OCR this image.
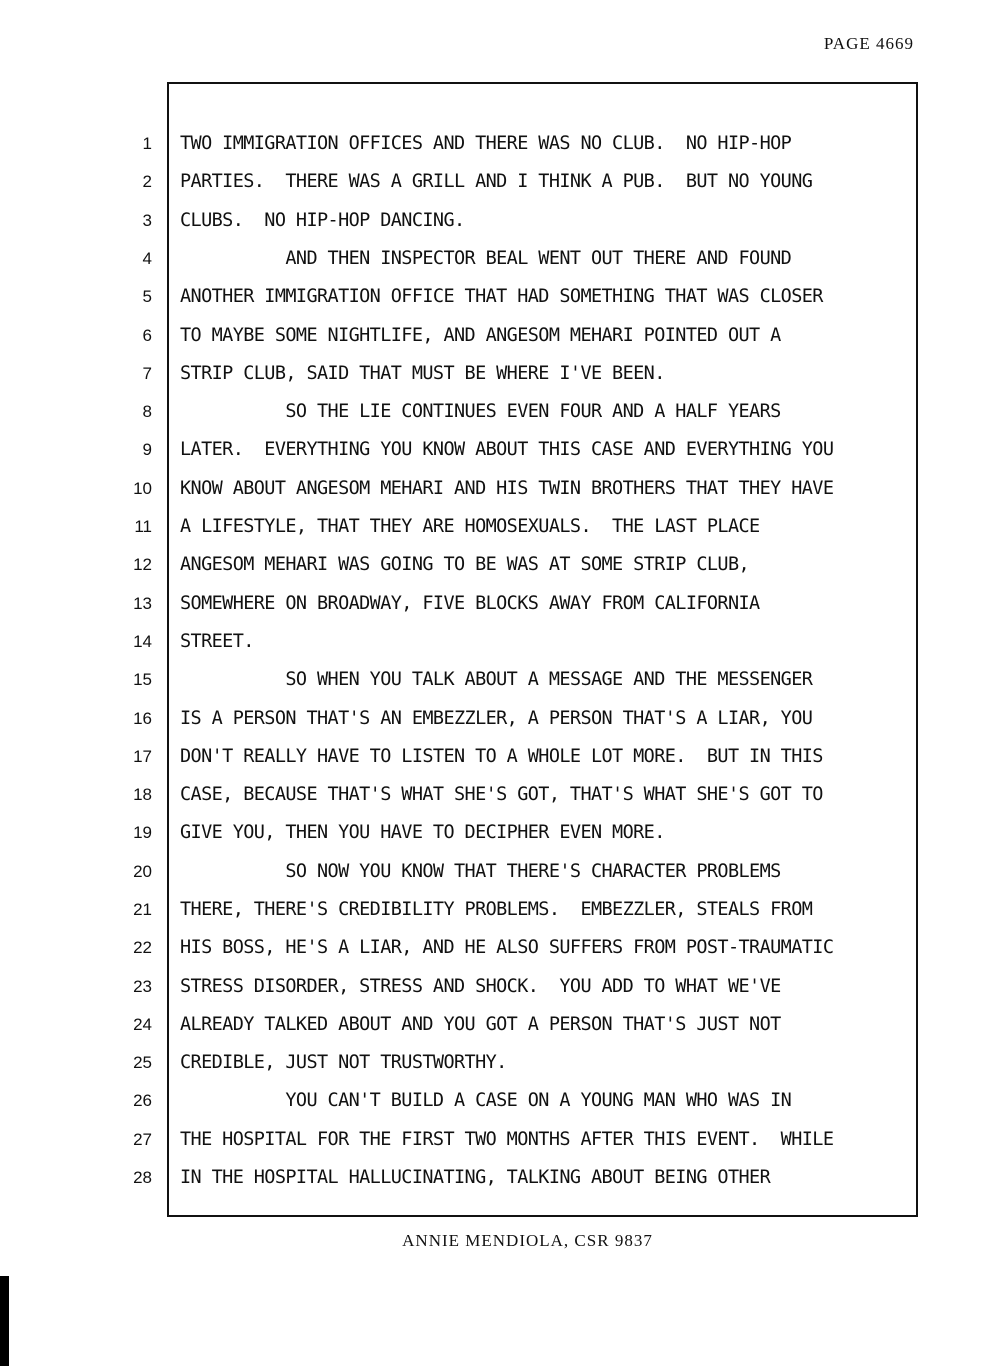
PAGE 4669
1
2
3
4
5
6
7
8
9
10
11
12
13
14
15
16
17
18
19
20
21
22
23
24
25
26
27
28
TWO IMMIGRATION OFFICES AND THERE WAS NO CLUB.  NO HIP-HOP
PARTIES.  THERE WAS A GRILL AND I THINK A PUB.  BUT NO YOUNG
CLUBS.  NO HIP-HOP DANCING.
AND THEN INSPECTOR BEAL WENT OUT THERE AND FOUND
ANOTHER IMMIGRATION OFFICE THAT HAD SOMETHING THAT WAS CLOSER
TO MAYBE SOME NIGHTLIFE, AND ANGESOM MEHARI POINTED OUT A
STRIP CLUB, SAID THAT MUST BE WHERE I'VE BEEN.
SO THE LIE CONTINUES EVEN FOUR AND A HALF YEARS
LATER.  EVERYTHING YOU KNOW ABOUT THIS CASE AND EVERYTHING YOU
KNOW ABOUT ANGESOM MEHARI AND HIS TWIN BROTHERS THAT THEY HAVE
A LIFESTYLE, THAT THEY ARE HOMOSEXUALS.  THE LAST PLACE
ANGESOM MEHARI WAS GOING TO BE WAS AT SOME STRIP CLUB,
SOMEWHERE ON BROADWAY, FIVE BLOCKS AWAY FROM CALIFORNIA
STREET.
SO WHEN YOU TALK ABOUT A MESSAGE AND THE MESSENGER
IS A PERSON THAT'S AN EMBEZZLER, A PERSON THAT'S A LIAR, YOU
DON'T REALLY HAVE TO LISTEN TO A WHOLE LOT MORE.  BUT IN THIS
CASE, BECAUSE THAT'S WHAT SHE'S GOT, THAT'S WHAT SHE'S GOT TO
GIVE YOU, THEN YOU HAVE TO DECIPHER EVEN MORE.
SO NOW YOU KNOW THAT THERE'S CHARACTER PROBLEMS
THERE, THERE'S CREDIBILITY PROBLEMS.  EMBEZZLER, STEALS FROM
HIS BOSS, HE'S A LIAR, AND HE ALSO SUFFERS FROM POST-TRAUMATIC
STRESS DISORDER, STRESS AND SHOCK.  YOU ADD TO WHAT WE'VE
ALREADY TALKED ABOUT AND YOU GOT A PERSON THAT'S JUST NOT
CREDIBLE, JUST NOT TRUSTWORTHY.
YOU CAN'T BUILD A CASE ON A YOUNG MAN WHO WAS IN
THE HOSPITAL FOR THE FIRST TWO MONTHS AFTER THIS EVENT.  WHILE
IN THE HOSPITAL HALLUCINATING, TALKING ABOUT BEING OTHER
ANNIE MENDIOLA, CSR 9837
